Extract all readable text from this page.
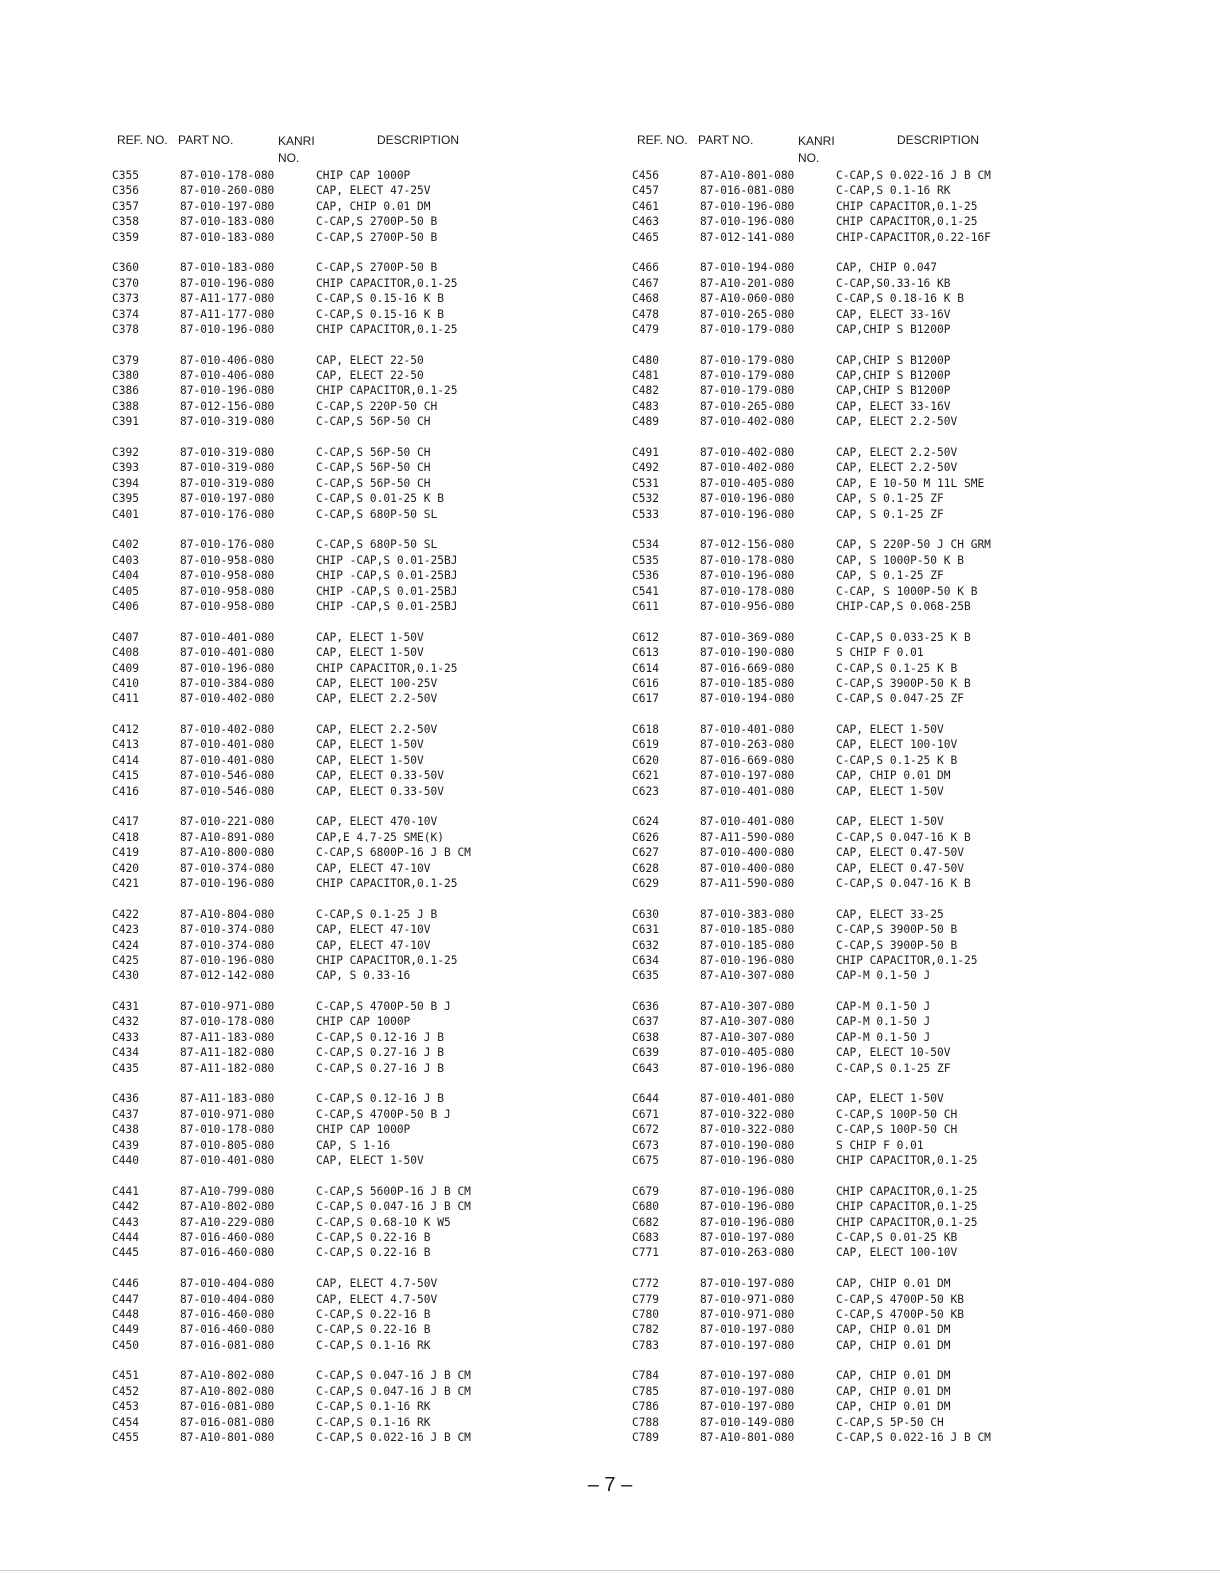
REF. NO. PART NO.	KANRI
NO.
DESCRIPTION
C355	87-010-178-080	CHIP CAP 1000P
C356	87-010-260-080	CAP, ELECT 47-25V
C357	87-010-197-080	CAP, CHIP 0.01 DM
C358	87-010-183-080	C-CAP,S 2700P-50 B
C359	87-010-183-080	C-CAP,S 2700P-50 B
C360	87-010-183-080	C-CAP,S 2700P-50 B
C370	87-010-196-080	CHIP CAPACITOR,0.1-25
C373	87-A11-177-080	C-CAP,S 0.15-16 K B
C374	87-A11-177-080	C-CAP,S 0.15-16 K B
C378	87-010-196-080	CHIP CAPACITOR,0.1-25
C379	87-010-406-080	CAP, ELECT 22-50
C380	87-010-406-080	CAP, ELECT 22-50
C386	87-010-196-080	CHIP CAPACITOR,0.1-25
C388	87-012-156-080	C-CAP,S 220P-50 CH
C391	87-010-319-080	C-CAP,S 56P-50 CH
C392	87-010-319-080	C-CAP,S 56P-50 CH
C393	87-010-319-080	C-CAP,S 56P-50 CH
C394	87-010-319-080	C-CAP,S 56P-50 CH
C395	87-010-197-080	C-CAP,S 0.01-25 K B
C401	87-010-176-080	C-CAP,S 680P-50 SL
C402	87-010-176-080	C-CAP,S 680P-50 SL
C403	87-010-958-080	CHIP -CAP,S 0.01-25BJ
C404	87-010-958-080	CHIP -CAP,S 0.01-25BJ
C405	87-010-958-080	CHIP -CAP,S 0.01-25BJ
C406	87-010-958-080	CHIP -CAP,S 0.01-25BJ
C407	87-010-401-080	CAP, ELECT 1-50V
C408	87-010-401-080	CAP, ELECT 1-50V
C409	87-010-196-080	CHIP CAPACITOR,0.1-25
C410	87-010-384-080	CAP, ELECT 100-25V
C411	87-010-402-080	CAP, ELECT 2.2-50V
C412	87-010-402-080	CAP, ELECT 2.2-50V
C413	87-010-401-080	CAP, ELECT 1-50V
C414	87-010-401-080	CAP, ELECT 1-50V
C415	87-010-546-080	CAP, ELECT 0.33-50V
C416	87-010-546-080	CAP, ELECT 0.33-50V
C417	87-010-221-080	CAP, ELECT 470-10V
C418	87-A10-891-080	CAP,E 4.7-25 SME(K)
C419	87-A10-800-080	C-CAP,S 6800P-16 J B CM
C420	87-010-374-080	CAP, ELECT 47-10V
C421	87-010-196-080	CHIP CAPACITOR,0.1-25
C422	87-A10-804-080	C-CAP,S 0.1-25 J B
C423	87-010-374-080	CAP, ELECT 47-10V
C424	87-010-374-080	CAP, ELECT 47-10V
C425	87-010-196-080	CHIP CAPACITOR,0.1-25
C430	87-012-142-080	CAP, S 0.33-16
C431	87-010-971-080	C-CAP,S 4700P-50 B J
C432	87-010-178-080	CHIP CAP 1000P
C433	87-A11-183-080	C-CAP,S 0.12-16 J B
C434	87-A11-182-080	C-CAP,S 0.27-16 J B
C435	87-A11-182-080	C-CAP,S 0.27-16 J B
C436	87-A11-183-080	C-CAP,S 0.12-16 J B
C437	87-010-971-080	C-CAP,S 4700P-50 B J
C438	87-010-178-080	CHIP CAP 1000P
C439	87-010-805-080	CAP, S 1-16
C440	87-010-401-080	CAP, ELECT 1-50V
C441	87-A10-799-080	C-CAP,S 5600P-16 J B CM
C442	87-A10-802-080	C-CAP,S 0.047-16 J B CM
C443	87-A10-229-080	C-CAP,S 0.68-10 K W5
C444	87-016-460-080	C-CAP,S 0.22-16 B
C445	87-016-460-080	C-CAP,S 0.22-16 B
C446	87-010-404-080	CAP, ELECT 4.7-50V
C447	87-010-404-080	CAP, ELECT 4.7-50V
C448	87-016-460-080	C-CAP,S 0.22-16 B
C449	87-016-460-080	C-CAP,S 0.22-16 B
C450	87-016-081-080	C-CAP,S 0.1-16 RK
C451	87-A10-802-080	C-CAP,S 0.047-16 J B CM
C452	87-A10-802-080	C-CAP,S 0.047-16 J B CM
C453	87-016-081-080	C-CAP,S 0.1-16 RK
C454	87-016-081-080	C-CAP,S 0.1-16 RK
C455	87-A10-801-080	C-CAP,S 0.022-16 J B CM
REF. NO. PART NO.	KANRI
NO.
DESCRIPTION
C456	87-A10-801-080	C-CAP,S 0.022-16 J B CM
C457	87-016-081-080	C-CAP,S 0.1-16 RK
C461	87-010-196-080	CHIP CAPACITOR,0.1-25
C463	87-010-196-080	CHIP CAPACITOR,0.1-25
C465	87-012-141-080	CHIP-CAPACITOR,0.22-16F
C466	87-010-194-080	CAP, CHIP 0.047
C467	87-A10-201-080	C-CAP,S0.33-16 KB
C468	87-A10-060-080	C-CAP,S 0.18-16 K B
C478	87-010-265-080	CAP, ELECT 33-16V
C479	87-010-179-080	CAP,CHIP S B1200P
C480	87-010-179-080	CAP,CHIP S B1200P
C481	87-010-179-080	CAP,CHIP S B1200P
C482	87-010-179-080	CAP,CHIP S B1200P
C483	87-010-265-080	CAP, ELECT 33-16V
C489	87-010-402-080	CAP, ELECT 2.2-50V
C491	87-010-402-080	CAP, ELECT 2.2-50V
C492	87-010-402-080	CAP, ELECT 2.2-50V
C531	87-010-405-080	CAP, E 10-50 M 11L SME
C532	87-010-196-080	CAP, S 0.1-25 ZF
C533	87-010-196-080	CAP, S 0.1-25 ZF
C534	87-012-156-080	CAP, S 220P-50 J CH GRM
C535	87-010-178-080	CAP, S 1000P-50 K B
C536	87-010-196-080	CAP, S 0.1-25 ZF
C541	87-010-178-080	C-CAP, S 1000P-50 K B
C611	87-010-956-080	CHIP-CAP,S 0.068-25B
C612	87-010-369-080	C-CAP,S 0.033-25 K B
C613	87-010-190-080	S CHIP F 0.01
C614	87-016-669-080	C-CAP,S 0.1-25 K B
C616	87-010-185-080	C-CAP,S 3900P-50 K B
C617	87-010-194-080	C-CAP,S 0.047-25 ZF
C618	87-010-401-080	CAP, ELECT 1-50V
C619	87-010-263-080	CAP, ELECT 100-10V
C620	87-016-669-080	C-CAP,S 0.1-25 K B
C621	87-010-197-080	CAP, CHIP 0.01 DM
C623	87-010-401-080	CAP, ELECT 1-50V
C624	87-010-401-080	CAP, ELECT 1-50V
C626	87-A11-590-080	C-CAP,S 0.047-16 K B
C627	87-010-400-080	CAP, ELECT 0.47-50V
C628	87-010-400-080	CAP, ELECT 0.47-50V
C629	87-A11-590-080	C-CAP,S 0.047-16 K B
C630	87-010-383-080	CAP, ELECT 33-25
C631	87-010-185-080	C-CAP,S 3900P-50 B
C632	87-010-185-080	C-CAP,S 3900P-50 B
C634	87-010-196-080	CHIP CAPACITOR,0.1-25
C635	87-A10-307-080	CAP-M 0.1-50 J
C636	87-A10-307-080	CAP-M 0.1-50 J
C637	87-A10-307-080	CAP-M 0.1-50 J
C638	87-A10-307-080	CAP-M 0.1-50 J
C639	87-010-405-080	CAP, ELECT 10-50V
C643	87-010-196-080	C-CAP,S 0.1-25 ZF
C644	87-010-401-080	CAP, ELECT 1-50V
C671	87-010-322-080	C-CAP,S 100P-50 CH
C672	87-010-322-080	C-CAP,S 100P-50 CH
C673	87-010-190-080	S CHIP F 0.01
C675	87-010-196-080	CHIP CAPACITOR,0.1-25
C679	87-010-196-080	CHIP CAPACITOR,0.1-25
C680	87-010-196-080	CHIP CAPACITOR,0.1-25
C682	87-010-196-080	CHIP CAPACITOR,0.1-25
C683	87-010-197-080	C-CAP,S 0.01-25 KB
C771	87-010-263-080	CAP, ELECT 100-10V
C772	87-010-197-080	CAP, CHIP 0.01 DM
C779	87-010-971-080	C-CAP,S 4700P-50 KB
C780	87-010-971-080	C-CAP,S 4700P-50 KB
C782	87-010-197-080	CAP, CHIP 0.01 DM
C783	87-010-197-080	CAP, CHIP 0.01 DM
C784	87-010-197-080	CAP, CHIP 0.01 DM
C785	87-010-197-080	CAP, CHIP 0.01 DM
C786	87-010-197-080	CAP, CHIP 0.01 DM
C788	87-010-149-080	C-CAP,S 5P-50 CH
C789	87-A10-801-080	C-CAP,S 0.022-16 J B CM
– 7 –
